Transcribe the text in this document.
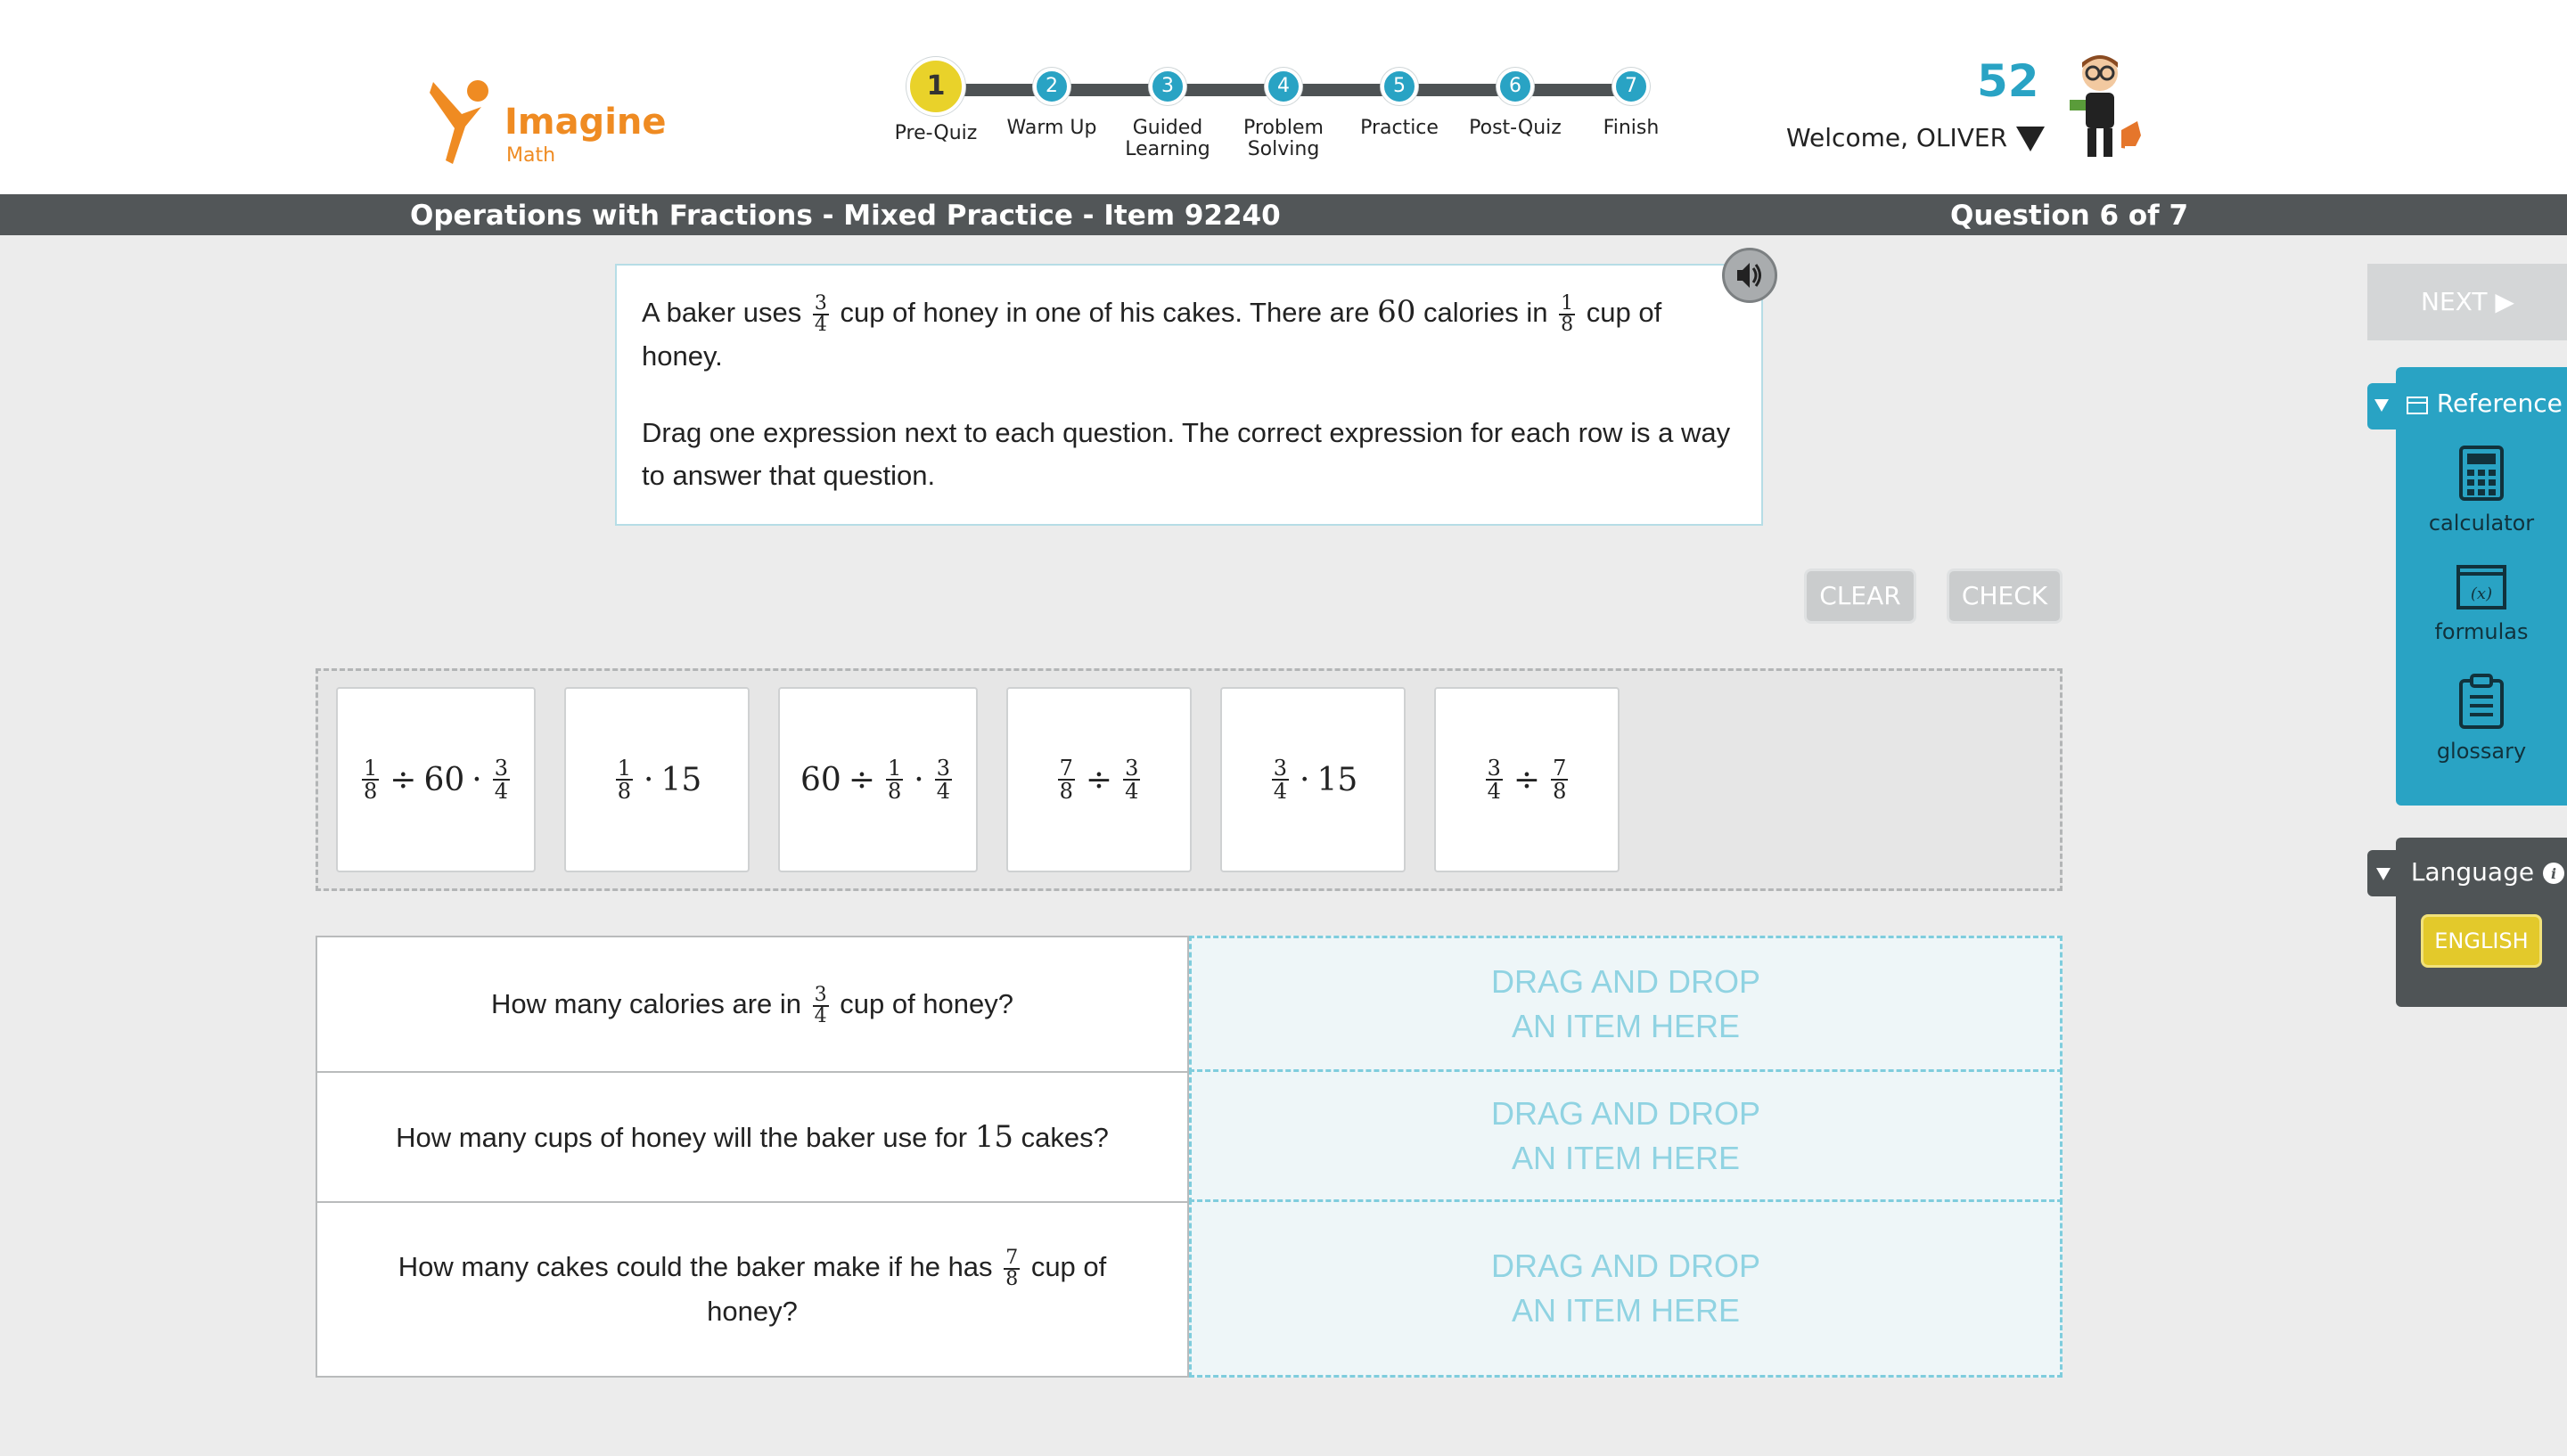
Imagine
Math
1
Pre-Quiz
2
Warm Up
3
Guided Learning
4
Problem Solving
5
Practice
6
Post-Quiz
7
Finish
52
Welcome, OLIVER
Operations with Fractions - Mixed Practice - Item 92240	Question 6 of 7

A baker uses $\frac{3}{4}$ cup of honey in one of his cakes. There are 60 calories in $\frac{1}{8}$ cup of honey.

Drag one expression next to each question. The correct expression for each row is a way to answer that question.

CLEAR	CHECK
$\frac{1}{8} \div 60 \cdot \frac{3}{4}$	$\frac{1}{8} \cdot 15$	$60 \div \frac{1}{8} \cdot \frac{3}{4}$	$\frac{7}{8} \div \frac{3}{4}$	$\frac{3}{4} \cdot 15$	$\frac{3}{4} \div \frac{7}{8}$
How many calories are in $\frac{3}{4}$ cup of honey?
DRAG AND DROP
AN ITEM HERE
How many cups of honey will the baker use for 15 cakes?
DRAG AND DROP
AN ITEM HERE
How many cakes could the baker make if he has $\frac{7}{8}$ cup of honey?
DRAG AND DROP
AN ITEM HERE
NEXT ▶
Reference
calculator
(x)
formulas
glossary
Language i
ENGLISH
